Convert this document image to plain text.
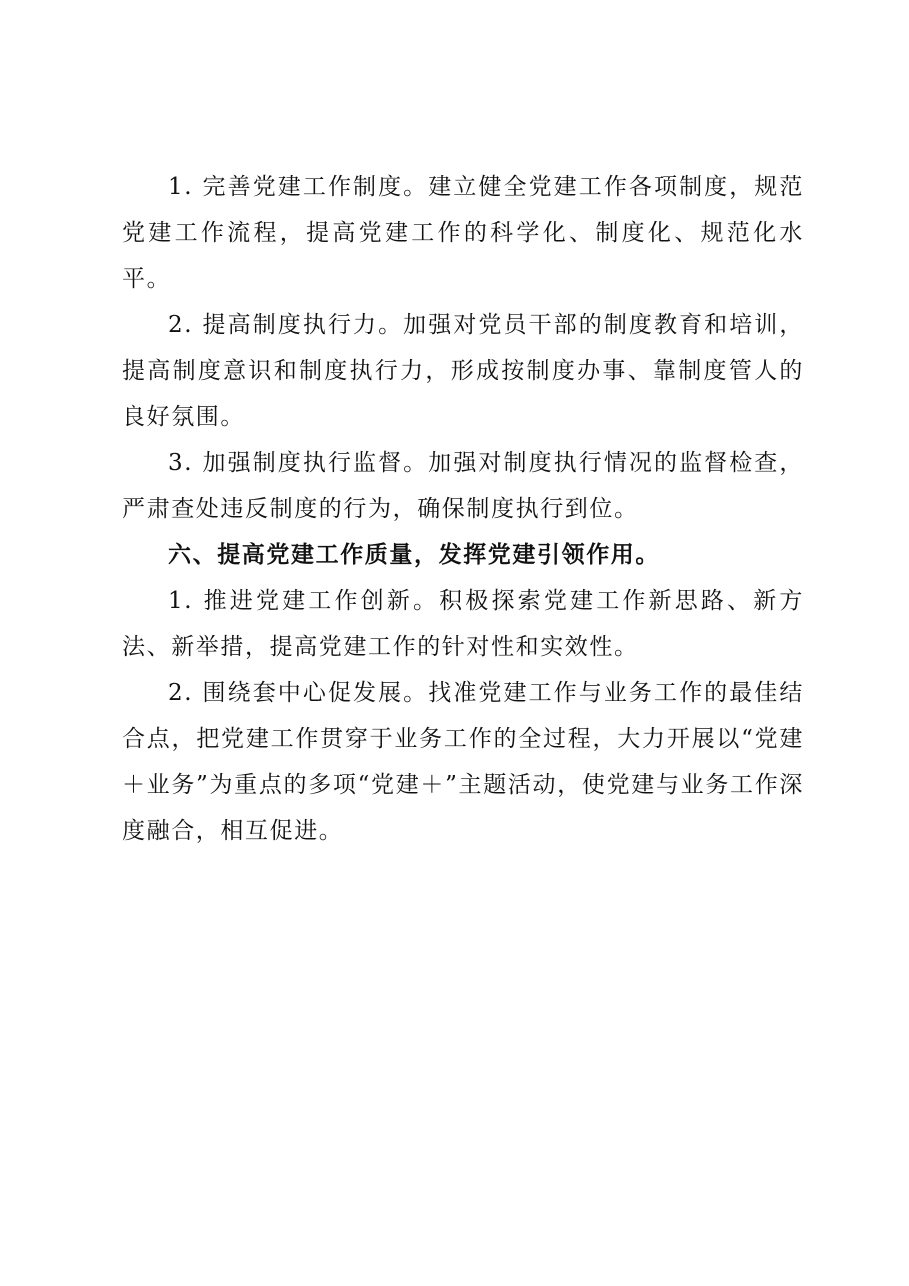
1. 完善党建工作制度。建立健全党建工作各项制度，规范党建工作流程，提高党建工作的科学化、制度化、规范化水平。

2. 提高制度执行力。加强对党员干部的制度教育和培训，提高制度意识和制度执行力，形成按制度办事、靠制度管人的良好氛围。

3. 加强制度执行监督。加强对制度执行情况的监督检查，严肃查处违反制度的行为，确保制度执行到位。

六、提高党建工作质量，发挥党建引领作用。

1. 推进党建工作创新。积极探索党建工作新思路、新方法、新举措，提高党建工作的针对性和实效性。

2. 围绕套中心促发展。找准党建工作与业务工作的最佳结合点，把党建工作贯穿于业务工作的全过程，大力开展以“党建＋业务”为重点的多项“党建＋”主题活动，使党建与业务工作深度融合，相互促进。
